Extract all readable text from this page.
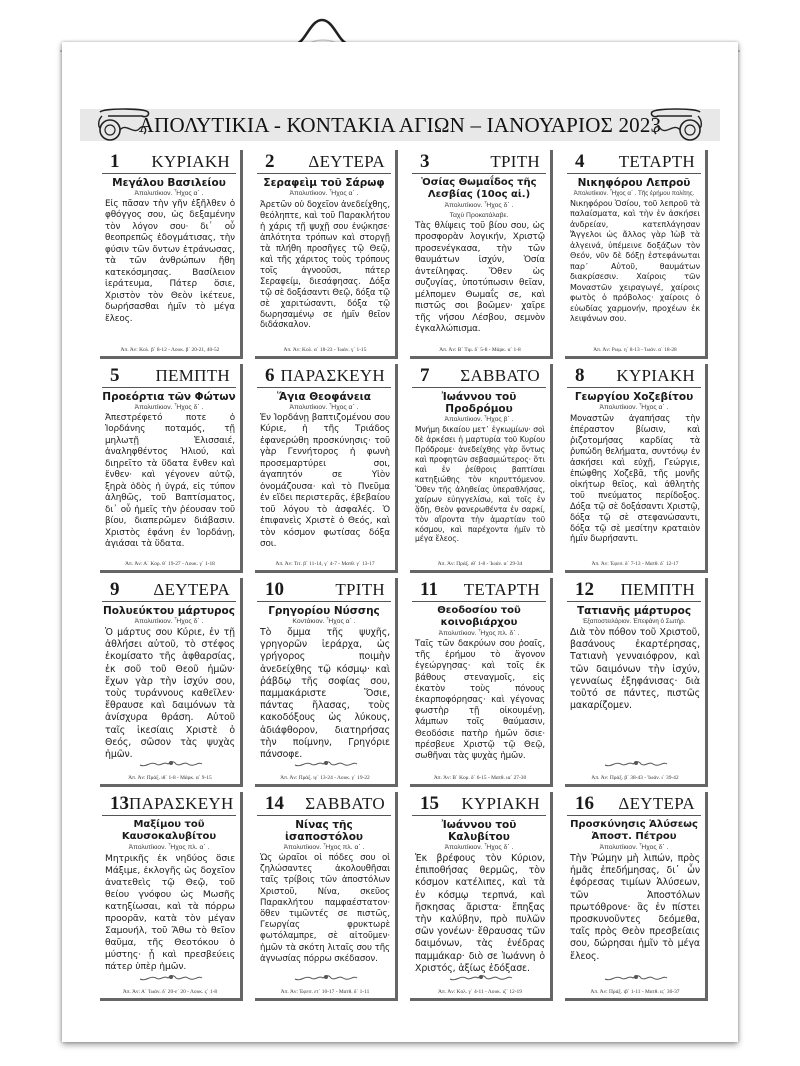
ΑΠΟΛΥΤΙΚΙΑ - ΚΟΝΤΑΚΙΑ ΑΓΙΩΝ – ΙΑΝΟΥΑΡΙΟΣ 2023
1 ΚΥΡΙΑΚΗ
Μεγάλου Βασιλείου
Ἀπολυτίκιον. Ἦχος α΄ .
Εἰς πᾶσαν τὴν γῆν ἐξῆλθεν ὁ φθόγγος σου, ὡς δεξαμένην τὸν λόγον σου· δι᾽ οὗ θεοπρεπῶς ἐδογμάτισας, τὴν φύσιν τῶν ὄντων ἐτράνωσας, τὰ τῶν ἀνθρώπων ἤθη κατεκόσμησας. Βασίλειον ἱεράτευμα, Πάτερ ὅσιε, Χριστὸν τὸν Θεὸν ἱκέτευε, δωρήσασθαι ἡμῖν τὸ μέγα ἔλεος.
Ἀπ. Ἀν: Κολ. β΄ 8-12 - Λουκ. β΄ 20-21, 40-52
2 ΔΕΥΤΕΡΑ
Σεραφεὶμ τοῦ Σάρωφ
Ἀπολυτίκιον. Ἦχος α΄ .
Ἀρετῶν οὐ δοχεῖον ἀνεδείχθης, θεόληπτε, καὶ τοῦ Παρακλήτου ἡ χάρις τῇ ψυχῇ σου ἐνῴκησε· ἁπλότητα τρόπων καὶ στοργῇ τὰ πλήθη προσῆγες τῷ Θεῷ, καὶ τῆς χάριτος τοὺς τρόπους τοῖς ἀγνοοῦσι, πάτερ Σεραφείμ, διεσάφησας. Δόξα τῷ σὲ δοξάσαντι Θεῷ, δόξα τῷ σὲ χαριτώσαντι, δόξα τῷ δωρησαμένῳ σε ἡμῖν θεῖον διδάσκαλον.
Ἀπ. Ἀν: Κολ. α΄ 18-23 - Ἰωάν. γ΄ 1-15
3	ΤΡΙΤΗ
Ὁσίας Θωμαΐδος τῆς Λεσβίας (10ος αἰ.)
Ἀπολυτίκιον. Ἦχος δ΄ .
Ταχὺ Προκατάλαβε.
Τὰς θλίψεις τοῦ βίου σου, ὡς προσφορὰν λογικήν, Χριστῷ προσενέγκασα, τὴν τῶν θαυμάτων ἰσχύν, Ὁσία ἀντείληφας. Ὅθεν ὡς συζυγίας, ὑποτύπωσιν θεῖαν, μέλπομεν Θωμαΐς σε, καὶ πιστῶς σοι βοῶμεν· χαῖρε τῆς νήσου Λέσβου, σεμνὸν ἐγκαλλώπισμα.
Ἀπ. Ἀν: Β΄ Τιμ. δ΄ 5-8 - Μάρκ. α΄ 1-8
4 ΤΕΤΑΡΤΗ
Νικηφόρου Λεπροῦ
Ἀπολυτίκιον. Ἦχος α΄ . Τῆς ἐρήμου πολίτης.
Νικηφόρου Ὁσίου, τοῦ λεπροῦ τὰ παλαίσματα, καὶ τὴν ἐν ἀσκήσει ἀνδρείαν, κατεπλάγησαν Ἄγγελοι ὡς ἄλλος γὰρ Ἰὼβ τὰ ἀλγεινά, ὑπέμεινε δοξάζων τὸν Θεόν, νῦν δὲ δόξῃ ἐστεφάνωται παρ᾽ Αὐτοῦ, θαυμάτων διακρίσεσιν. Χαίροις τῶν Μοναστῶν χειραγωγέ, χαίροις φωτὸς ὁ πρόβολος· χαίροις ὁ εὐωδίας χαρμονήν, προχέων ἐκ λειψάνων σου.
Ἀπ. Ἀν: Ρωμ. η΄ 8-13 - Ἰωάν. α΄ 18-28
5 ΠΕΜΠΤΗ
Προεόρτια τῶν Φώτων
Ἀπολυτίκιον. Ἦχος δ΄ .
Ἀπεστρέφετό ποτε ὁ Ἰορδάνης ποταμός, τῇ μηλωτῇ Ἐλισσαιέ, ἀναληφθέντος Ἠλιού, καὶ διηρεῖτο τὰ ὕδατα ἔνθεν καὶ ἔνθεν· καὶ γέγονεν αὐτῷ, ξηρὰ ὁδὸς ἡ ὑγρά, εἰς τύπον ἀληθῶς, τοῦ Βαπτίσματος, δι᾽ οὗ ἡμεῖς τὴν ῥέουσαν τοῦ βίου, διαπερῶμεν διάβασιν. Χριστὸς ἐφάνη ἐν Ἰορδάνῃ, ἁγιάσαι τὰ ὕδατα.
Ἀπ. Ἀν: Α΄ Κορ. θ΄ 19-27 - Λουκ. γ΄ 1-18
6 ΠΑΡΑΣΚΕΥΗ
Ἅγια Θεοφάνεια
Ἀπολυτίκιον. Ἦχος α΄ .
Ἐν Ἰορδάνῃ βαπτιζομένου σου Κύριε, ἡ τῆς Τριάδος ἐφανερώθη προσκύνησις· τοῦ γὰρ Γεννήτορος ἡ φωνὴ προσεμαρτύρει σοι, ἀγαπητόν σε Υἱὸν ὀνομάζουσα· καὶ τὸ Πνεῦμα ἐν εἴδει περιστερᾶς, ἐβεβαίου τοῦ λόγου τὸ ἀσφαλές. Ὁ ἐπιφανεὶς Χριστὲ ὁ Θεός, καὶ τὸν κόσμον φωτίσας δόξα σοι.
Ἀπ. Ἀν: Τιτ. β΄ 11-14, γ΄ 4-7 - Ματθ. γ΄ 13-17
7 ΣΑΒΒΑΤΟ
Ἰωάννου τοῦ Προδρόμου
Ἀπολυτίκιον. Ἦχος β΄ .
Μνήμη δικαίου μετ᾽ ἐγκωμίων· σοὶ δὲ ἀρκέσει ἡ μαρτυρία τοῦ Κυρίου Πρόδρομε· ἀνεδείχθης γὰρ ὄντως καὶ προφητῶν σεβασμιώτερος· ὅτι καὶ ἐν ῥείθροις βαπτίσαι κατηξιώθης τὸν κηρυττόμενον. Ὅθεν τῆς ἀληθείας ὑπεραθλήσας, χαίρων εὐηγγελίσω, καὶ τοῖς ἐν ᾅδῃ, Θεὸν φανερωθέντα ἐν σαρκί, τὸν αἴροντα τὴν ἁμαρτίαν τοῦ κόσμου, καὶ παρέχοντα ἡμῖν τὸ μέγα ἔλεος.
Ἀπ. Ἀν: Πράξ. ιθ΄ 1-8 - Ἰωάν. α΄ 29-34
8 ΚΥΡΙΑΚΗ
Γεωργίου Χοζεβίτου
Ἀπολυτίκιον. Ἦχος α΄ .
Μοναστῶν ἀγαπήσας τὴν ἐπέραστον βίωσιν, καὶ ῥιζοτομήσας καρδίας τὰ ῥυπώδη θελήματα, συντόνῳ ἐν ἀσκήσει καὶ εὐχῇ, Γεώργιε, ἐπώφθης Χοζεβᾶ, τῆς μονῆς οἰκήτωρ θεῖος, καὶ ἀθλητὴς τοῦ πνεύματος περίδοξος. Δόξα τῷ σὲ δοξάσαντι Χριστῷ, δόξα τῷ σὲ στεφανώσαντι, δόξα τῷ σὲ μεσίτην κραταιὸν ἡμῖν δωρήσαντι.
Ἀπ. Ἀν: Ἐφεσ. δ΄ 7-13 - Ματθ. δ΄ 12-17
9 ΔΕΥΤΕΡΑ
Πολυεύκτου μάρτυρος
Ἀπολυτίκιον. Ἦχος δ΄ .
Ὁ μάρτυς σου Κύριε, ἐν τῇ ἀθλήσει αὐτοῦ, τὸ στέφος ἐκομίσατο τῆς ἀφθαρσίας, ἐκ σοῦ τοῦ Θεοῦ ἡμῶν· ἔχων γὰρ τὴν ἰσχύν σου, τοὺς τυράννους καθεῖλεν· ἔθραυσε καὶ δαιμόνων τὰ ἀνίσχυρα θράση. Αὐτοῦ ταῖς ἱκεσίαις Χριστὲ ὁ Θεός, σῶσον τὰς ψυχὰς ἡμῶν.
Ἀπ. Ἀν: Πράξ. ιθ΄ 1-8 - Μάρκ. α΄ 9-15
10	ΤΡΙΤΗ
Γρηγορίου Νύσσης
Κοντάκιον. Ἦχος α΄ .
Τὸ ὄμμα τῆς ψυχῆς, γρηγορῶν ἱεράρχα, ὡς γρήγορος ποιμὴν ἀνεδείχθης τῷ κόσμῳ· καὶ ῥάβδῳ τῆς σοφίας σου, παμμακάριστε Ὅσιε, πάντας ἤλασας, τοὺς κακοδόξους ὡς λύκους, ἀδιάφθορον, διατηρήσας τὴν ποίμνην, Γρηγόριε πάνσοφε.
Ἀπ. Ἀν: Πράξ. ιγ΄ 13-24 - Λουκ. γ΄ 19-22
11 ΤΕΤΑΡΤΗ
Θεοδοσίου τοῦ κοινοβιάρχου
Ἀπολυτίκιον. Ἦχος πλ. δ΄ .
Ταῖς τῶν δακρύων σου ῥοαῖς, τῆς ἐρήμου τὸ ἄγονον ἐγεώργησας· καὶ τοῖς ἐκ βάθους στεναγμοῖς, εἰς ἑκατὸν τοὺς πόνους ἐκαρποφόρησας· καὶ γέγονας φωστὴρ τῇ οἰκουμένῃ, λάμπων τοῖς θαύμασιν, Θεοδόσιε πατὴρ ἡμῶν ὅσιε· πρέσβευε Χριστῷ τῷ Θεῷ, σωθῆναι τὰς ψυχὰς ἡμῶν.
Ἀπ. Ἀν: Β΄ Κορ. δ΄ 6-15 - Ματθ. ια΄ 27-30
12 ΠΕΜΠΤΗ
Τατιανῆς μάρτυρος
Ἐξαποστειλάριον. Ἐπεφάνη ὁ Σωτήρ.
Διὰ τὸν πόθον τοῦ Χριστοῦ, βασάνους ἐκαρτέρησας, Τατιανὴ γενναιόφρον, καὶ τῶν δαιμόνων τὴν ἰσχύν, γενναίως ἐξηφάνισας· διὰ τοῦτό σε πάντες, πιστῶς μακαρίζομεν.
Ἀπ. Ἀν: Πράξ. β΄ 38-43 - Ἰωάν. ι΄ 39-42
13 ΠΑΡΑΣΚΕΥΗ
Μαξίμου τοῦ Καυσοκαλυβίτου
Ἀπολυτίκιον. Ἦχος πλ. α΄ .
Μητρικῆς ἐκ νηδύος ὅσιε Μάξιμε, ἐκλογῆς ὡς δοχεῖον ἀνατεθεὶς τῷ Θεῷ, τοῦ θείου γνόφου ὡς Μωσῆς κατηξίωσαι, καὶ τὰ πόρρω προορᾶν, κατὰ τὸν μέγαν Σαμουήλ, τοῦ Ἄθω τὸ θεῖον θαῦμα, τῆς Θεοτόκου ὁ μύστης· ᾗ καὶ πρεσβεύεις πάτερ ὑπὲρ ἡμῶν.
Ἀπ. Ἀν: Α΄ Ἰωάν. δ΄ 20-ε΄ 20 - Λουκ. ς΄ 1-8
14 ΣΑΒΒΑΤΟ
Νίνας τῆς ἰσαποστόλου
Ἀπολυτίκιον. Ἦχος πλ. α΄ .
Ὡς ὡραῖοι οἱ πόδες σου οἱ ζηλώσαντες ἀκολουθῆσαι ταῖς τρίβοις τῶν ἀποστόλων Χριστοῦ, Νίνα, σκεῦος Παρακλήτου παμφαέστατον· ὅθεν τιμῶντές σε πιστῶς, Γεωργίας φρυκτωρὲ φωτόλαμπρε, σὲ αἰτοῦμεν· ἡμῶν τὰ σκότη λιταῖς σου τῆς ἀγνωσίας πόρρω σκέδασον.
Ἀπ. Ἀν: Ἐφεσ. ετ΄ 10-17 - Ματθ. δ΄ 1-11
15 ΚΥΡΙΑΚΗ
Ἰωάννου τοῦ Καλυβίτου
Ἀπολυτίκιον. Ἦχος δ΄ .
Ἐκ βρέφους τὸν Κύριον, ἐπιποθήσας θερμῶς, τὸν κόσμον κατέλιπες, καὶ τὰ ἐν κόσμῳ τερπνά, καὶ ἤσκησας ἄριστα· ἔπηξας τὴν καλύβην, πρὸ πυλῶν σῶν γονέων· ἔθραυσας τῶν δαιμόνων, τὰς ἐνέδρας παμμάκαρ· διὸ σε Ἰωάννη ὁ Χριστός, ἀξίως ἐδόξασε.
Ἀπ. Ἀν: Κολ. γ΄ 4-11 - Λουκ. ιζ΄ 12-19
16 ΔΕΥΤΕΡΑ
Προσκύνησις Ἁλύσεως Ἀποστ. Πέτρου
Ἀπολυτίκιον. Ἦχος δ΄ .
Τὴν Ῥώμην μὴ λιπών, πρὸς ἡμᾶς ἐπεδήμησας, δι᾽ ὧν ἐφόρεσας τιμίων Ἁλύσεων, τῶν Ἀποστόλων πρωτόθρονε· ἃς ἐν πίστει προσκυνοῦντες δεόμεθα, ταῖς πρὸς Θεὸν πρεσβείαις σου, δώρησαι ἡμῖν τὸ μέγα ἔλεος.
Ἀπ. Ἀν: Πράξ. ιβ΄ 1-11 - Ματθ. ιϛ΄ 30-37
